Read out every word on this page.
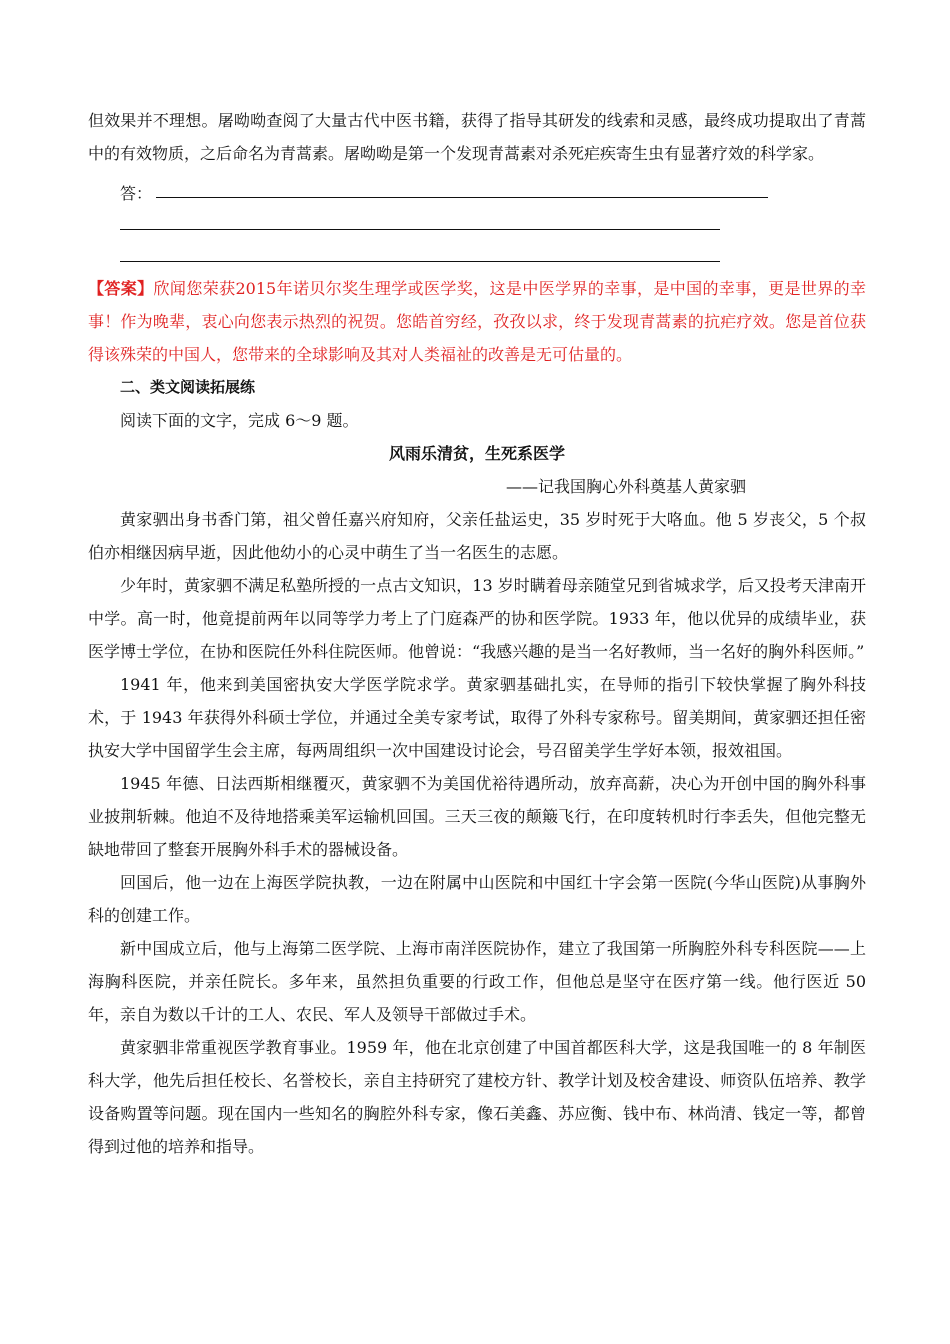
但效果并不理想。屠呦呦查阅了大量古代中医书籍，获得了指导其研发的线索和灵感，最终成功提取出了青蒿中的有效物质，之后命名为青蒿素。屠呦呦是第一个发现青蒿素对杀死疟疾寄生虫有显著疗效的科学家。

答：

【答案】欣闻您荣获2015年诺贝尔奖生理学或医学奖，这是中医学界的幸事，是中国的幸事，更是世界的幸事！作为晚辈，衷心向您表示热烈的祝贺。您皓首穷经，孜孜以求，终于发现青蒿素的抗疟疗效。您是首位获得该殊荣的中国人，您带来的全球影响及其对人类福祉的改善是无可估量的。

二、类文阅读拓展练

阅读下面的文字，完成 6～9 题。

风雨乐清贫，生死系医学

——记我国胸心外科奠基人黄家驷

黄家驷出身书香门第，祖父曾任嘉兴府知府，父亲任盐运史，35 岁时死于大咯血。他 5 岁丧父，5 个叔伯亦相继因病早逝，因此他幼小的心灵中萌生了当一名医生的志愿。

少年时，黄家驷不满足私塾所授的一点古文知识，13 岁时瞒着母亲随堂兄到省城求学，后又投考天津南开中学。高一时，他竟提前两年以同等学力考上了门庭森严的协和医学院。1933 年，他以优异的成绩毕业，获医学博士学位，在协和医院任外科住院医师。他曾说：“我感兴趣的是当一名好教师，当一名好的胸外科医师。”

1941 年，他来到美国密执安大学医学院求学。黄家驷基础扎实，在导师的指引下较快掌握了胸外科技术，于 1943 年获得外科硕士学位，并通过全美专家考试，取得了外科专家称号。留美期间，黄家驷还担任密执安大学中国留学生会主席，每两周组织一次中国建设讨论会，号召留美学生学好本领，报效祖国。

1945 年德、日法西斯相继覆灭，黄家驷不为美国优裕待遇所动，放弃高薪，决心为开创中国的胸外科事业披荆斩棘。他迫不及待地搭乘美军运输机回国。三天三夜的颠簸飞行，在印度转机时行李丢失，但他完整无缺地带回了整套开展胸外科手术的器械设备。

回国后，他一边在上海医学院执教，一边在附属中山医院和中国红十字会第一医院(今华山医院)从事胸外科的创建工作。

新中国成立后，他与上海第二医学院、上海市南洋医院协作，建立了我国第一所胸腔外科专科医院——上海胸科医院，并亲任院长。多年来，虽然担负重要的行政工作，但他总是坚守在医疗第一线。他行医近 50 年，亲自为数以千计的工人、农民、军人及领导干部做过手术。

黄家驷非常重视医学教育事业。1959 年，他在北京创建了中国首都医科大学，这是我国唯一的 8 年制医科大学，他先后担任校长、名誉校长，亲自主持研究了建校方针、教学计划及校舍建设、师资队伍培养、教学设备购置等问题。现在国内一些知名的胸腔外科专家，像石美鑫、苏应衡、钱中布、林尚清、钱定一等，都曾得到过他的培养和指导。
